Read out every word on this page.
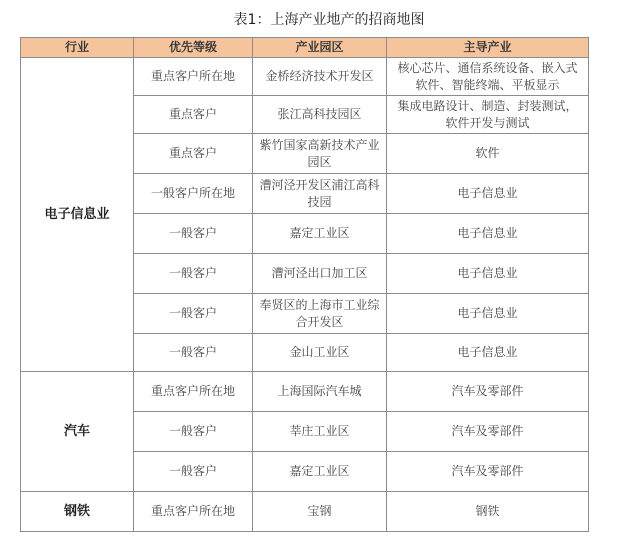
表1：上海产业地产的招商地图
行业	优先等级	产业园区	主导产业
电子信息业	重点客户所在地	金桥经济技术开发区	核心芯片、通信系统设备、嵌入式软件、智能终端、平板显示
	重点客户	张江高科技园区	集成电路设计、制造、封装测试，软件开发与测试
	重点客户	紫竹国家高新技术产业园区	软件
	一般客户所在地	漕河泾开发区浦江高科技园	电子信息业
	一般客户	嘉定工业区	电子信息业
	一般客户	漕河泾出口加工区	电子信息业
	一般客户	奉贤区的上海市工业综合开发区	电子信息业
	一般客户	金山工业区	电子信息业
汽车	重点客户所在地	上海国际汽车城	汽车及零部件
	一般客户	莘庄工业区	汽车及零部件
	一般客户	嘉定工业区	汽车及零部件
钢铁	重点客户所在地	宝钢	钢铁
